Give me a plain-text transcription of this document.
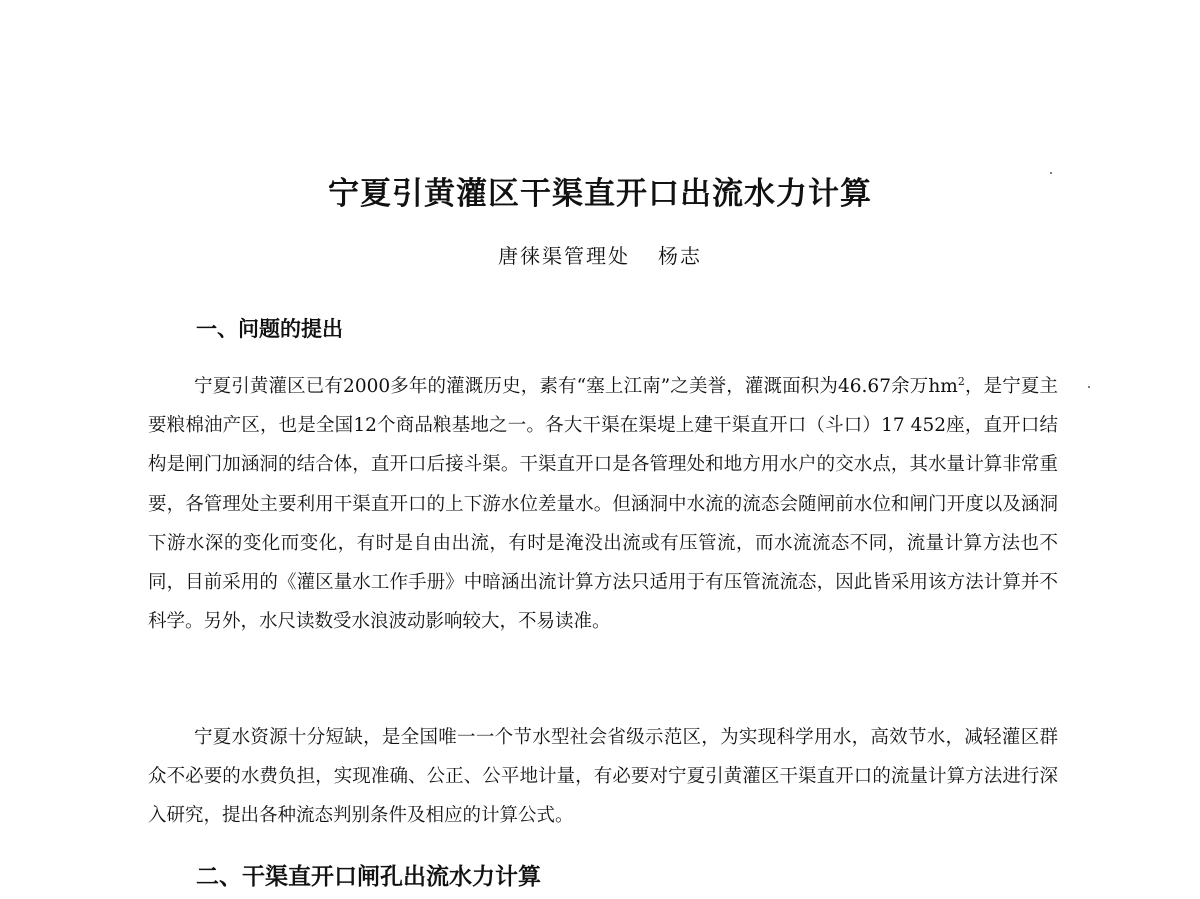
宁夏引黄灌区干渠直开口出流水力计算
唐徕渠管理处 杨志
一、问题的提出
宁夏引黄灌区已有2000多年的灌溉历史，素有“塞上江南”之美誉，灌溉面积为46.67余万$hm^2$，是宁夏主要粮棉油产区，也是全国12个商品粮基地之一。各大干渠在渠堤上建干渠直开口（斗口）17 452座，直开口结构是闸门加涵洞的结合体，直开口后接斗渠。干渠直开口是各管理处和地方用水户的交水点，其水量计算非常重要，各管理处主要利用干渠直开口的上下游水位差量水。但涵洞中水流的流态会随闸前水位和闸门开度以及涵洞下游水深的变化而变化，有时是自由出流，有时是淹没出流或有压管流，而水流流态不同，流量计算方法也不同，目前采用的《灌区量水工作手册》中暗涵出流计算方法只适用于有压管流流态，因此皆采用该方法计算并不科学。另外，水尺读数受水浪波动影响较大，不易读准。
宁夏水资源十分短缺，是全国唯一一个节水型社会省级示范区，为实现科学用水，高效节水，减轻灌区群众不必要的水费负担，实现准确、公正、公平地计量，有必要对宁夏引黄灌区干渠直开口的流量计算方法进行深入研究，提出各种流态判别条件及相应的计算公式。
二、干渠直开口闸孔出流水力计算
